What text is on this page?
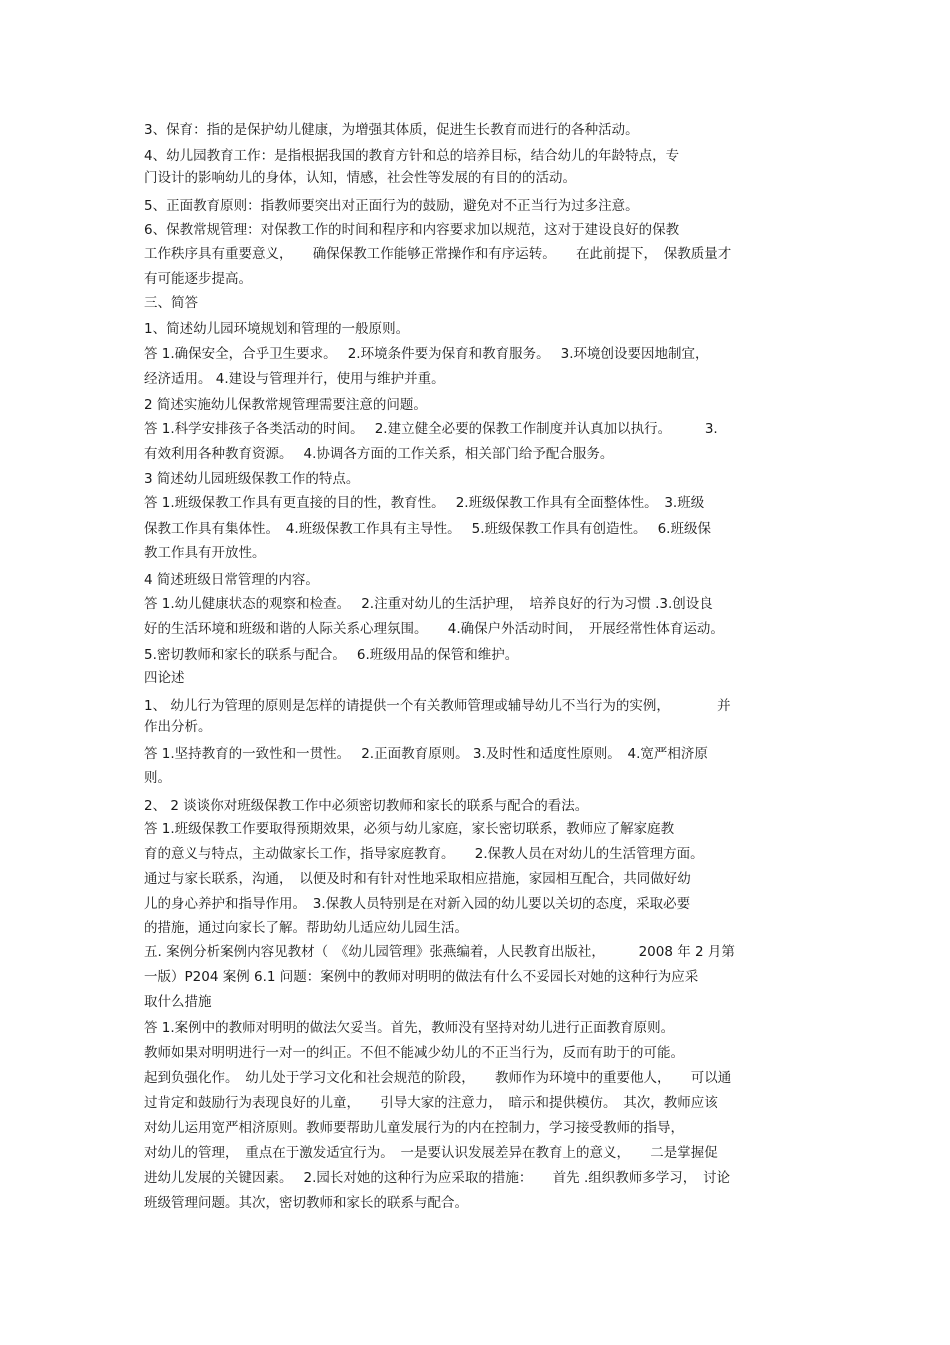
3、保育：指的是保护幼儿健康，为增强其体质，促进生长教育而进行的各种活动。
4、幼儿园教育工作：是指根据我国的教育方针和总的培养目标，结合幼儿的年龄特点，专
门设计的影响幼儿的身体，认知，情感，社会性等发展的有目的的活动。
5、正面教育原则：指教师要突出对正面行为的鼓励，避免对不正当行为过多注意。
6、保教常规管理：对保教工作的时间和程序和内容要求加以规范，这对于建设良好的保教
工作秩序具有重要意义，　　确保保教工作能够正常操作和有序运转。　　在此前提下，　保教质量才
有可能逐步提高。
三、简答
1、简述幼儿园环境规划和管理的一般原则。
答 1.确保安全，合乎卫生要求。　 2.环境条件要为保育和教育服务。　 3.环境创设要因地制宜，
经济适用。 4.建设与管理并行，使用与维护并重。
2 简述实施幼儿保教常规管理需要注意的问题。
答 1.科学安排孩子各类活动的时间。　 2.建立健全必要的保教工作制度并认真加以执行。　　　3.
有效利用各种教育资源。　 4.协调各方面的工作关系，相关部门给予配合服务。
3 简述幼儿园班级保教工作的特点。
答 1.班级保教工作具有更直接的目的性，教育性。　 2.班级保教工作具有全面整体性。　3.班级
保教工作具有集体性。　4.班级保教工作具有主导性。　 5.班级保教工作具有创造性。　 6.班级保
教工作具有开放性。
4 简述班级日常管理的内容。
答 1.幼儿健康状态的观察和检查。　 2.注重对幼儿的生活护理，　培养良好的行为习惯 .3.创设良
好的生活环境和班级和谐的人际关系心理氛围。　　4.确保户外活动时间，　开展经常性体育运动。
5.密切教师和家长的联系与配合。　 6.班级用品的保管和维护。
四论述
1、 幼儿行为管理的原则是怎样的请提供一个有关教师管理或辅导幼儿不当行为的实例，　　　　并
作出分析。
答 1.坚持教育的一致性和一贯性。　 2.正面教育原则。 3.及时性和适度性原则。　4.宽严相济原
则。
2、 2 谈谈你对班级保教工作中必须密切教师和家长的联系与配合的看法。
答 1.班级保教工作要取得预期效果，必须与幼儿家庭，家长密切联系，教师应了解家庭教
育的意义与特点，主动做家长工作，指导家庭教育。　　2.保教人员在对幼儿的生活管理方面。
通过与家长联系，沟通，　以便及时和有针对性地采取相应措施，家园相互配合，共同做好幼
儿的身心养护和指导作用。　3.保教人员特别是在对新入园的幼儿要以关切的态度，采取必要
的措施，通过向家长了解。帮助幼儿适应幼儿园生活。
五. 案例分析案例内容见教材（　《幼儿园管理》张燕编着，人民教育出版社，　　　2008 年 2 月第
一版）P204 案例 6.1 问题：案例中的教师对明明的做法有什么不妥园长对她的这种行为应采
取什么措施
答 1.案例中的教师对明明的做法欠妥当。首先，教师没有坚持对幼儿进行正面教育原则。
教师如果对明明进行一对一的纠正。不但不能减少幼儿的不正当行为，反而有助于的可能。
起到负强化作。　幼儿处于学习文化和社会规范的阶段，　　教师作为环境中的重要他人，　　可以通
过肯定和鼓励行为表现良好的儿童，　　引导大家的注意力，　暗示和提供模仿。　其次，教师应该
对幼儿运用宽严相济原则。教师要帮助儿童发展行为的内在控制力，学习接受教师的指导，
对幼儿的管理，　重点在于激发适宜行为。　一是要认识发展差异在教育上的意义，　　二是掌握促
进幼儿发展的关键因素。　 2.园长对她的这种行为应采取的措施：　　首先 .组织教师多学习，　讨论
班级管理问题。其次，密切教师和家长的联系与配合。
